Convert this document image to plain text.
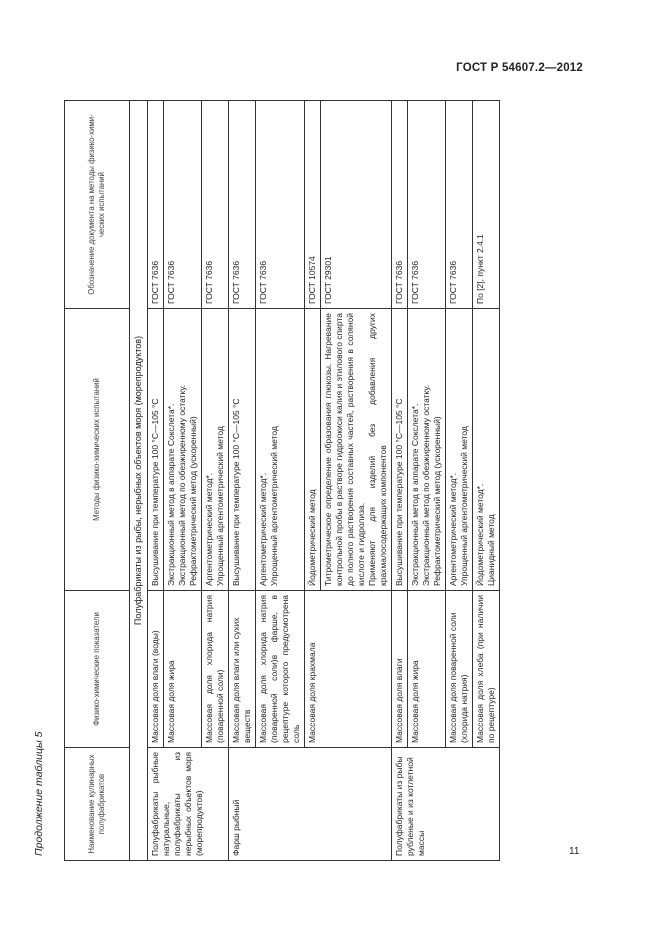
ГОСТ Р 54607.2—2012
Продолжение таблицы 5	Наименование кулинарных полуфабрикатов	Физико-химические показатели	Методы физико-химических испытаний	Обозначение документа на методы физико-хими-ческих испытаний
Полуфабрикаты из рыбы, нерыбных объектов моря (морепродуктов)			
Полуфабрикаты рыбные натуральные, полуфабрикаты из нерыбных объектов моря (морепродуктов)	Массовая доля влаги (воды)	Высушивание при температуре 100 °С—105 °С	ГОСТ 7636
	Массовая доля жира	Экстракционный метод в аппарате Сокслета*. Экстракционный метод по обезжиренному остатку. Рефрактометрический метод (ускоренный)	ГОСТ 7636
	Массовая доля хлорида натрия (поваренной соли)	Аргентометрический метод*. Упрощенный аргентометрический метод	ГОСТ 7636
Фарш рыбный	Массовая доля влаги или сухих веществ	Высушивание при температуре 100 °С—105 °С	ГОСТ 7636
	Массовая доля хлорида натрия (поваренной соли)в фарше, в рецептуре которого предусмотрена соль	Аргентометрический метод*. Упрощенный аргентометрический метод	ГОСТ 7636
	Массовая доля крахмала	Йодометрический метод	ГОСТ 10574

		Титрометрическое определение образования глюкозы. Нагревание контрольной пробы в растворе гидроокиси калия и этилового спирта до полного растворения составных частей, растворения в соляной кислоте и гидролиза. Применяют для изделий без добавления других крахмалосодержащих компонентов	ГОСТ 29301
Полуфабрикаты из рыбы рубленые и из котлетной массы	Массовая доля влаги	Высушивание при температуре 100 °С—105 °С	ГОСТ 7636
	Массовая доля жира	Экстракционный метод в аппарате Сокслета*. Экстракционный метод по обезжиренному остатку. Рефрактометрический метод (ускоренный)	ГОСТ 7636
	Массовая доля поваренной соли (хлорида натрия)	Аргентометрический метод*. Упрощенный аргентометрический метод	ГОСТ 7636
	Массовая доля хлеба (при наличии по рецептуре)	Йодометрический метод*. Цианидный метод	По [2], пункт 2.4.1
11
